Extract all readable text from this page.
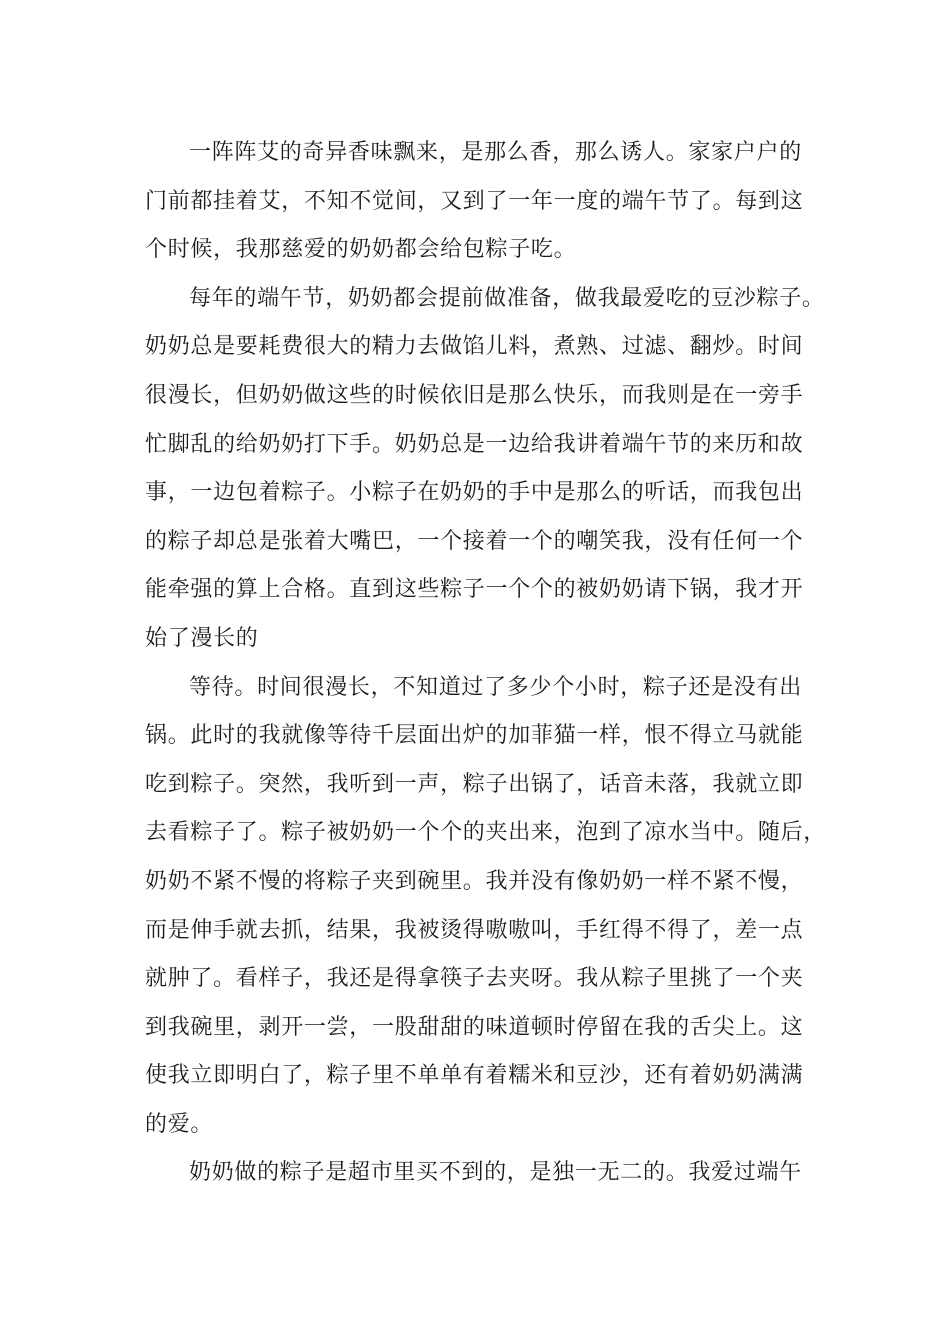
一阵阵艾的奇异香味飘来，是那么香，那么诱人。家家户户的
门前都挂着艾，不知不觉间，又到了一年一度的端午节了。每到这
个时候，我那慈爱的奶奶都会给包粽子吃。
每年的端午节，奶奶都会提前做准备，做我最爱吃的豆沙粽子。
奶奶总是要耗费很大的精力去做馅儿料，煮熟、过滤、翻炒。时间
很漫长，但奶奶做这些的时候依旧是那么快乐，而我则是在一旁手
忙脚乱的给奶奶打下手。奶奶总是一边给我讲着端午节的来历和故
事，一边包着粽子。小粽子在奶奶的手中是那么的听话，而我包出
的粽子却总是张着大嘴巴，一个接着一个的嘲笑我，没有任何一个
能牵强的算上合格。直到这些粽子一个个的被奶奶请下锅，我才开
始了漫长的
等待。时间很漫长，不知道过了多少个小时，粽子还是没有出
锅。此时的我就像等待千层面出炉的加菲猫一样，恨不得立马就能
吃到粽子。突然，我听到一声，粽子出锅了，话音未落，我就立即
去看粽子了。粽子被奶奶一个个的夹出来，泡到了凉水当中。随后，
奶奶不紧不慢的将粽子夹到碗里。我并没有像奶奶一样不紧不慢，
而是伸手就去抓，结果，我被烫得嗷嗷叫，手红得不得了，差一点
就肿了。看样子，我还是得拿筷子去夹呀。我从粽子里挑了一个夹
到我碗里，剥开一尝，一股甜甜的味道顿时停留在我的舌尖上。这
使我立即明白了，粽子里不单单有着糯米和豆沙，还有着奶奶满满
的爱。
奶奶做的粽子是超市里买不到的，是独一无二的。我爱过端午
